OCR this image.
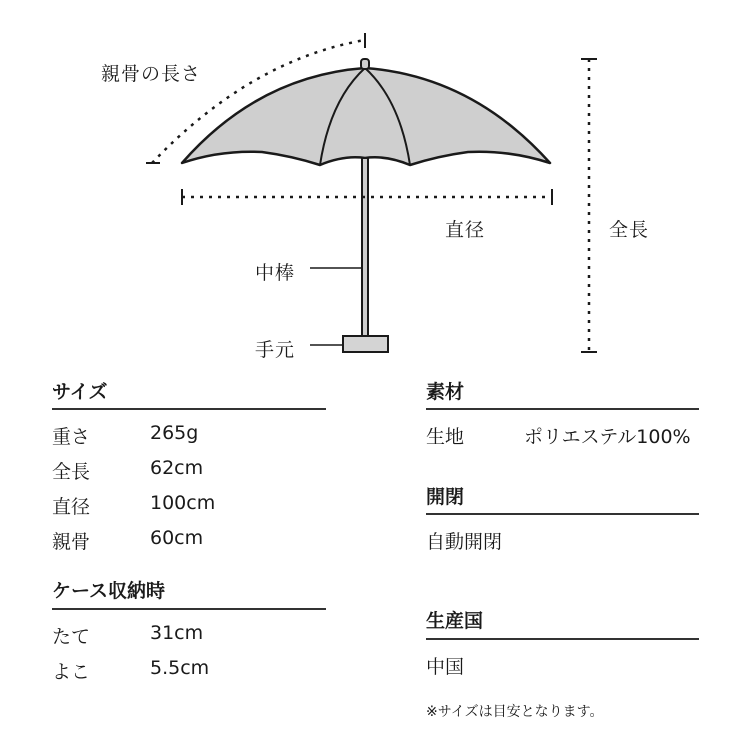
親骨の長さ
直径	全長
中棒
手元
サイズ
重さ	265g
全長	62cm
直径	100cm
親骨	60cm
ケース収納時
たて	31cm
よこ	5.5cm
素材
生地	ポリエステル100%
開閉
自動開閉
生産国
中国
※サイズは目安となります。
